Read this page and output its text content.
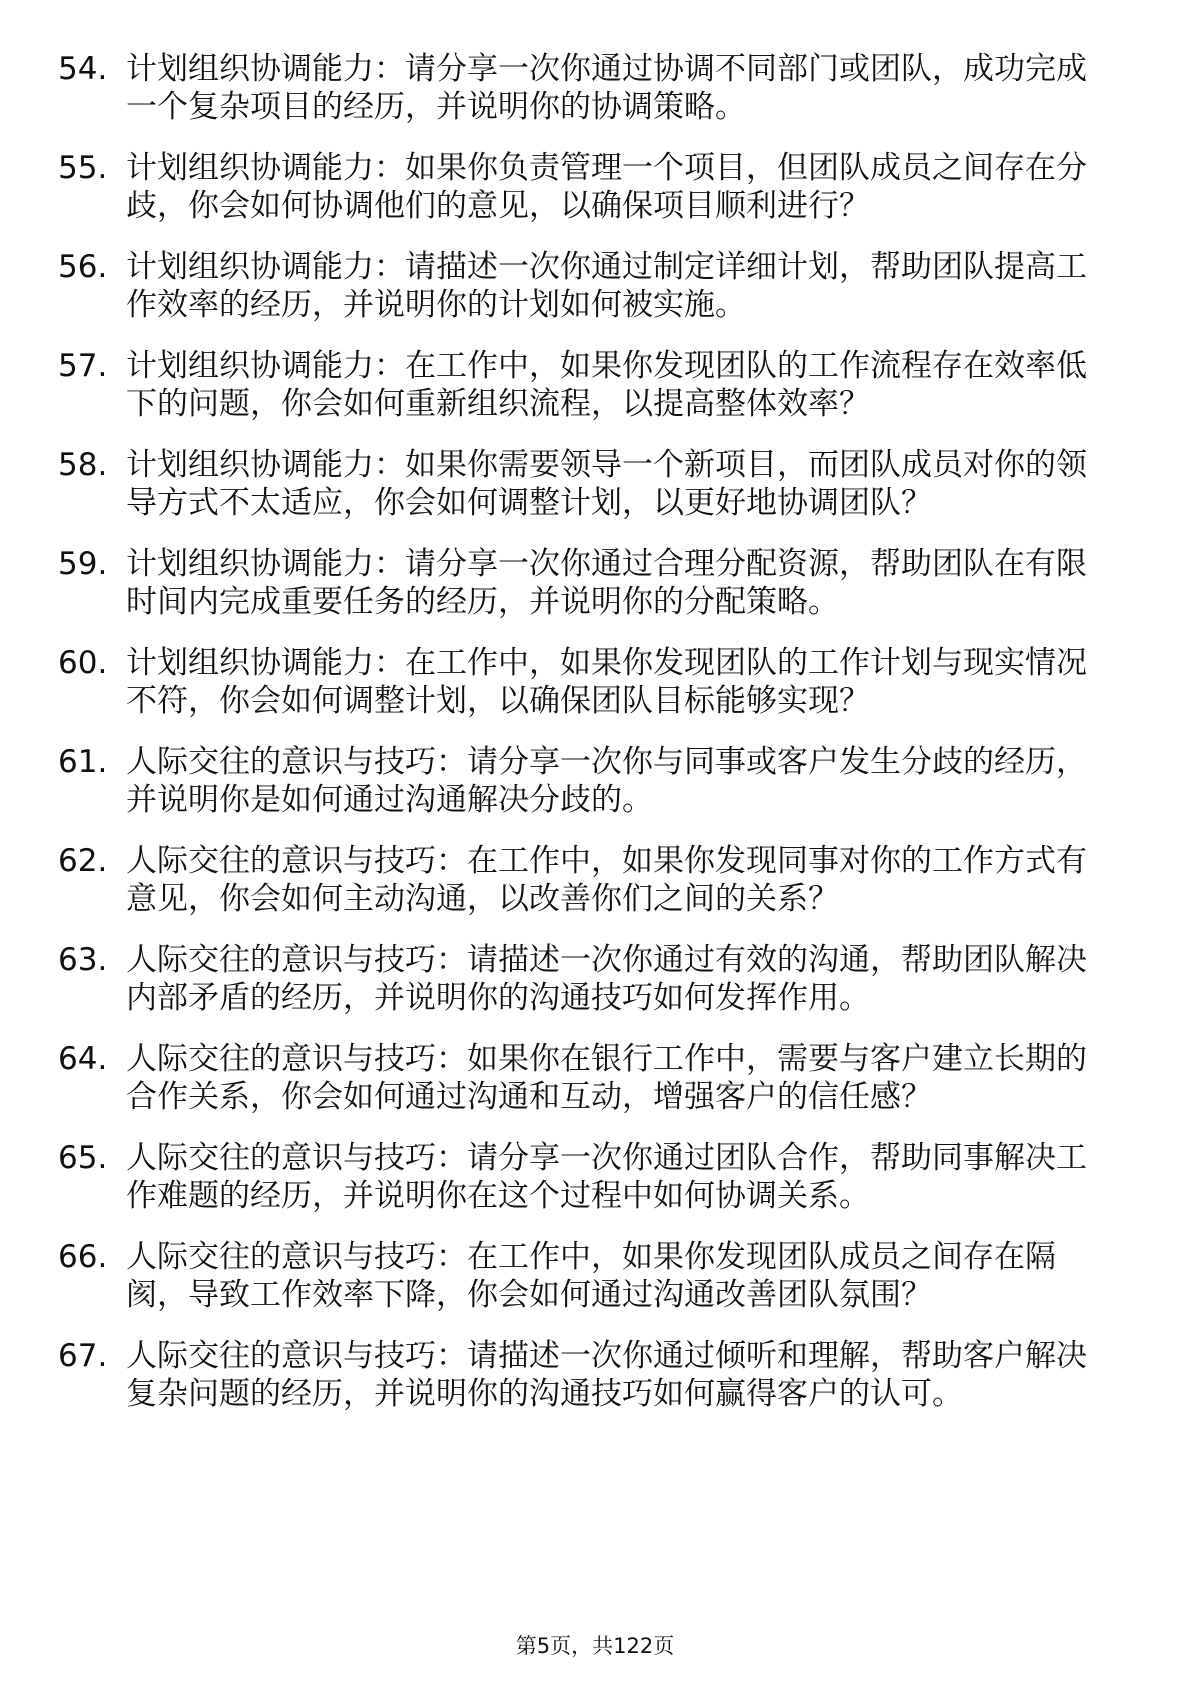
54. 计划组织协调能力：请分享一次你通过协调不同部门或团队，成功完成一个复杂项目的经历，并说明你的协调策略。
55. 计划组织协调能力：如果你负责管理一个项目，但团队成员之间存在分歧，你会如何协调他们的意见，以确保项目顺利进行？
56. 计划组织协调能力：请描述一次你通过制定详细计划，帮助团队提高工作效率的经历，并说明你的计划如何被实施。
57. 计划组织协调能力：在工作中，如果你发现团队的工作流程存在效率低下的问题，你会如何重新组织流程，以提高整体效率？
58. 计划组织协调能力：如果你需要领导一个新项目，而团队成员对你的领导方式不太适应，你会如何调整计划，以更好地协调团队？
59. 计划组织协调能力：请分享一次你通过合理分配资源，帮助团队在有限时间内完成重要任务的经历，并说明你的分配策略。
60. 计划组织协调能力：在工作中，如果你发现团队的工作计划与现实情况不符，你会如何调整计划，以确保团队目标能够实现？
61. 人际交往的意识与技巧：请分享一次你与同事或客户发生分歧的经历，并说明你是如何通过沟通解决分歧的。
62. 人际交往的意识与技巧：在工作中，如果你发现同事对你的工作方式有意见，你会如何主动沟通，以改善你们之间的关系？
63. 人际交往的意识与技巧：请描述一次你通过有效的沟通，帮助团队解决内部矛盾的经历，并说明你的沟通技巧如何发挥作用。
64. 人际交往的意识与技巧：如果你在银行工作中，需要与客户建立长期的合作关系，你会如何通过沟通和互动，增强客户的信任感？
65. 人际交往的意识与技巧：请分享一次你通过团队合作，帮助同事解决工作难题的经历，并说明你在这个过程中如何协调关系。
66. 人际交往的意识与技巧：在工作中，如果你发现团队成员之间存在隔阂，导致工作效率下降，你会如何通过沟通改善团队氛围？
67. 人际交往的意识与技巧：请描述一次你通过倾听和理解，帮助客户解决复杂问题的经历，并说明你的沟通技巧如何赢得客户的认可。
第5页，共122页
